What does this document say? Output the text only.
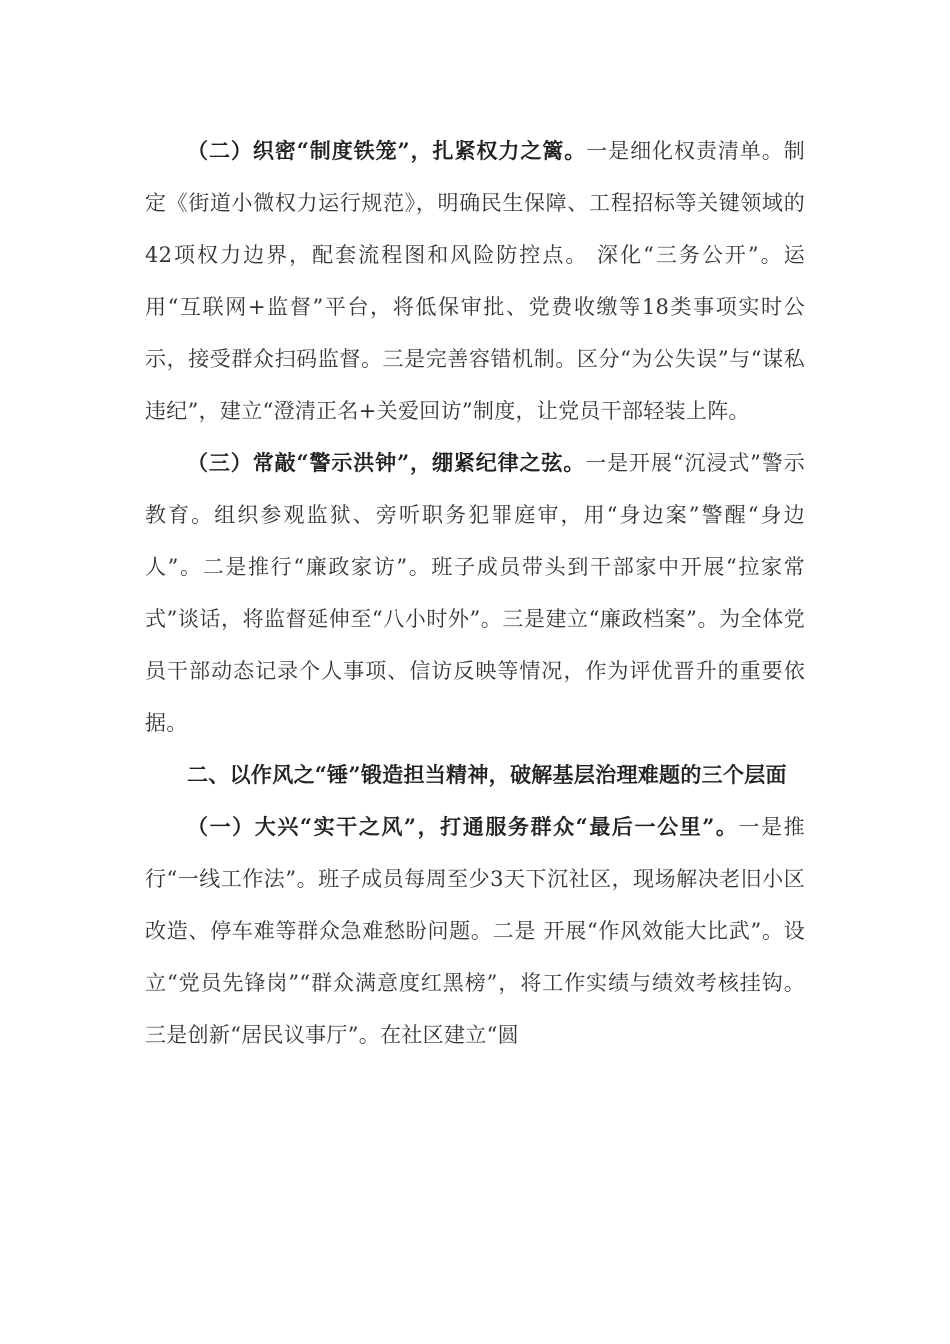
（二）织密“制度铁笼”，扎紧权力之篱。一是细化权责清单。制定《街道小微权力运行规范》，明确民生保障、工程招标等关键领域的42项权力边界，配套流程图和风险防控点。 深化“三务公开”。运用“互联网+监督”平台，将低保审批、党费收缴等18类事项实时公示，接受群众扫码监督。三是完善容错机制。区分“为公失误”与“谋私违纪”，建立“澄清正名+关爱回访”制度，让党员干部轻装上阵。

（三）常敲“警示洪钟”，绷紧纪律之弦。一是开展“沉浸式”警示教育。组织参观监狱、旁听职务犯罪庭审，用“身边案”警醒“身边人”。二是推行“廉政家访”。班子成员带头到干部家中开展“拉家常式”谈话，将监督延伸至“八小时外”。三是建立“廉政档案”。为全体党员干部动态记录个人事项、信访反映等情况，作为评优晋升的重要依据。

二、以作风之“锤”锻造担当精神，破解基层治理难题的三个层面

（一）大兴“实干之风”，打通服务群众“最后一公里”。一是推行“一线工作法”。班子成员每周至少3天下沉社区，现场解决老旧小区改造、停车难等群众急难愁盼问题。二是 开展“作风效能大比武”。设立“党员先锋岗”“群众满意度红黑榜”，将工作实绩与绩效考核挂钩。三是创新“居民议事厅”。在社区建立“圆
